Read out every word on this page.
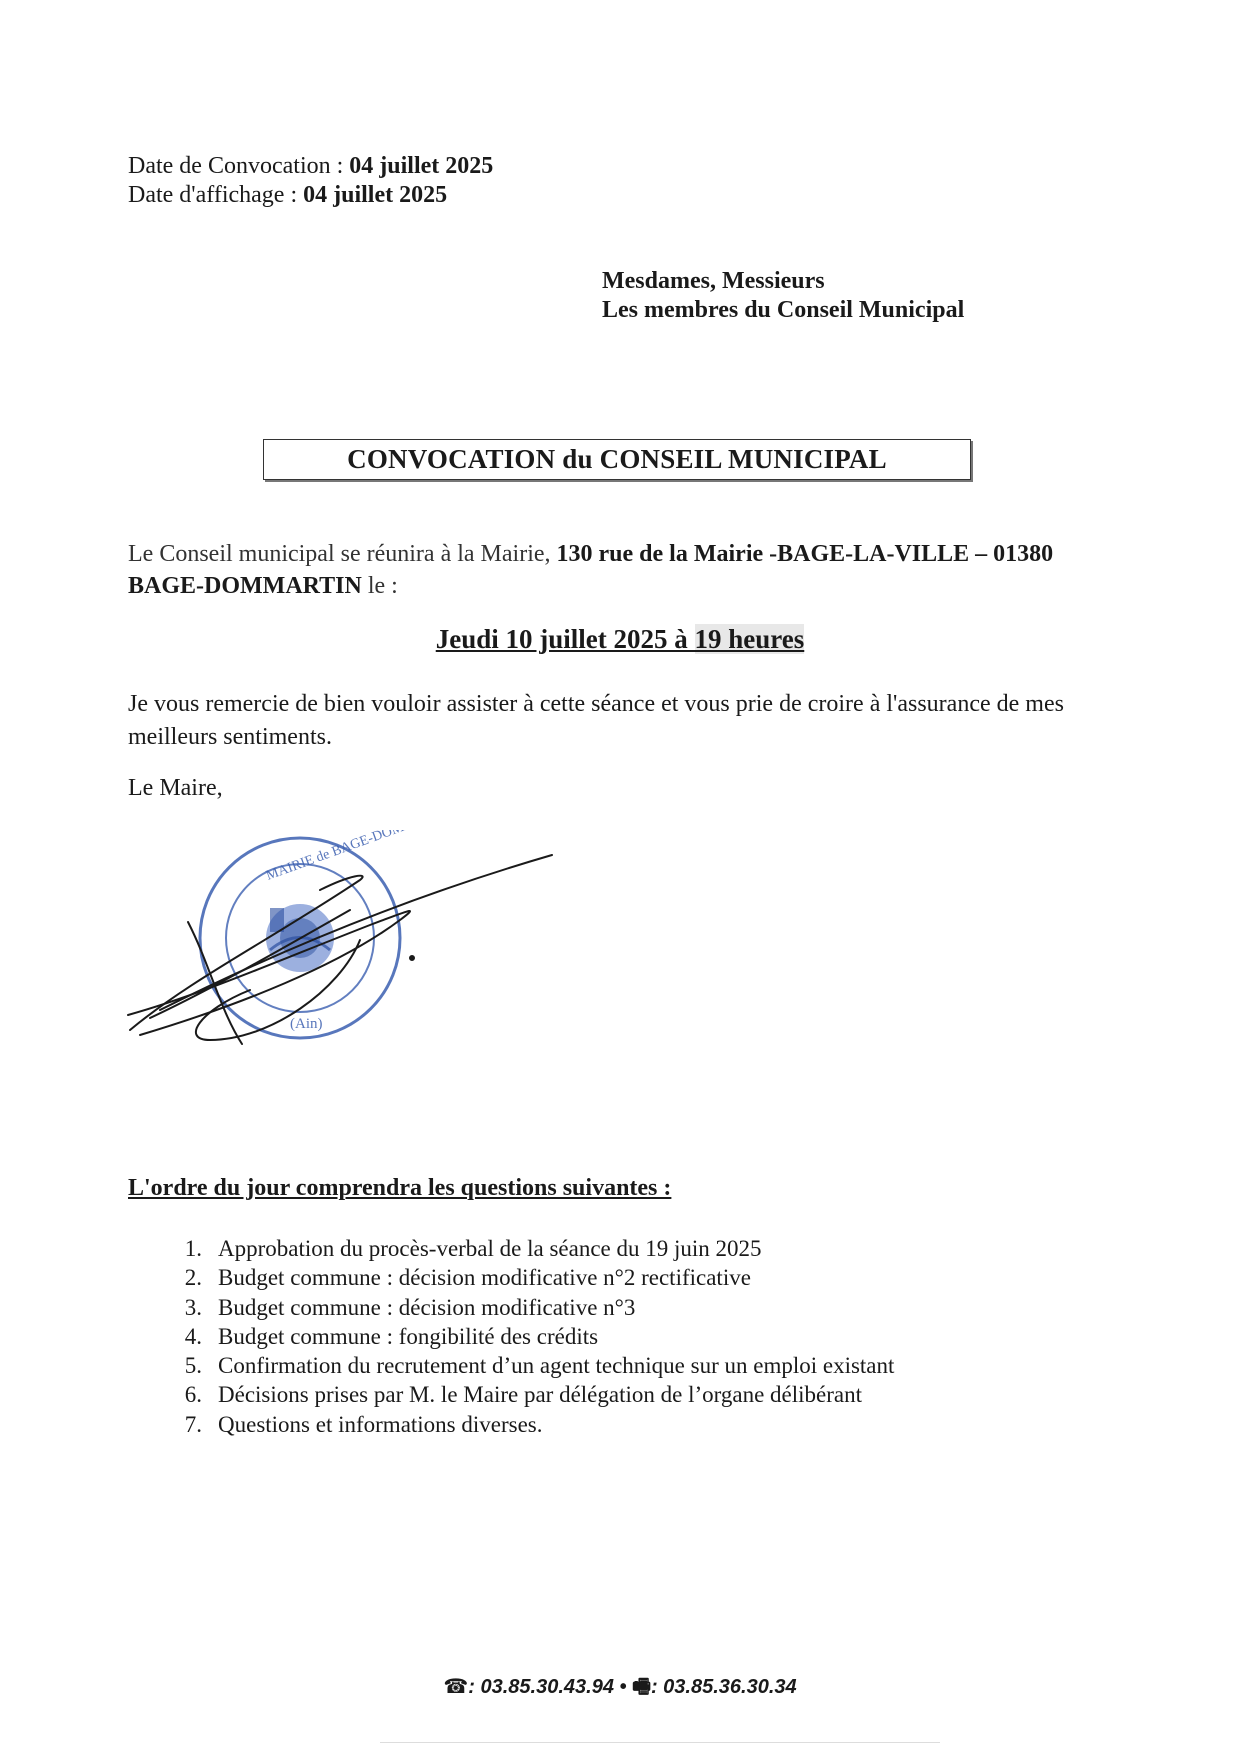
Date de Convocation : 04 juillet 2025
Date d'affichage : 04 juillet 2025
Mesdames, Messieurs
Les membres du Conseil Municipal
CONVOCATION du CONSEIL MUNICIPAL
Le Conseil municipal se réunira à la Mairie, 130 rue de la Mairie -BAGE-LA-VILLE – 01380 BAGE-DOMMARTIN le :
Jeudi 10 juillet 2025 à 19 heures
Je vous remercie de bien vouloir assister à cette séance et vous prie de croire à l'assurance de mes meilleurs sentiments.
Le Maire,
MAIRIE de BAGE-DOMMARTIN
(Ain)
L'ordre du jour comprendra les questions suivantes :
1. Approbation du procès-verbal de la séance du 19 juin 2025
2. Budget commune : décision modificative n°2 rectificative
3. Budget commune : décision modificative n°3
4. Budget commune : fongibilité des crédits
5. Confirmation du recrutement d’un agent technique sur un emploi existant
6. Décisions prises par M. le Maire par délégation de l’organe délibérant
7. Questions et informations diverses.
☎: 03.85.30.43.94 • 🖷: 03.85.36.30.34
